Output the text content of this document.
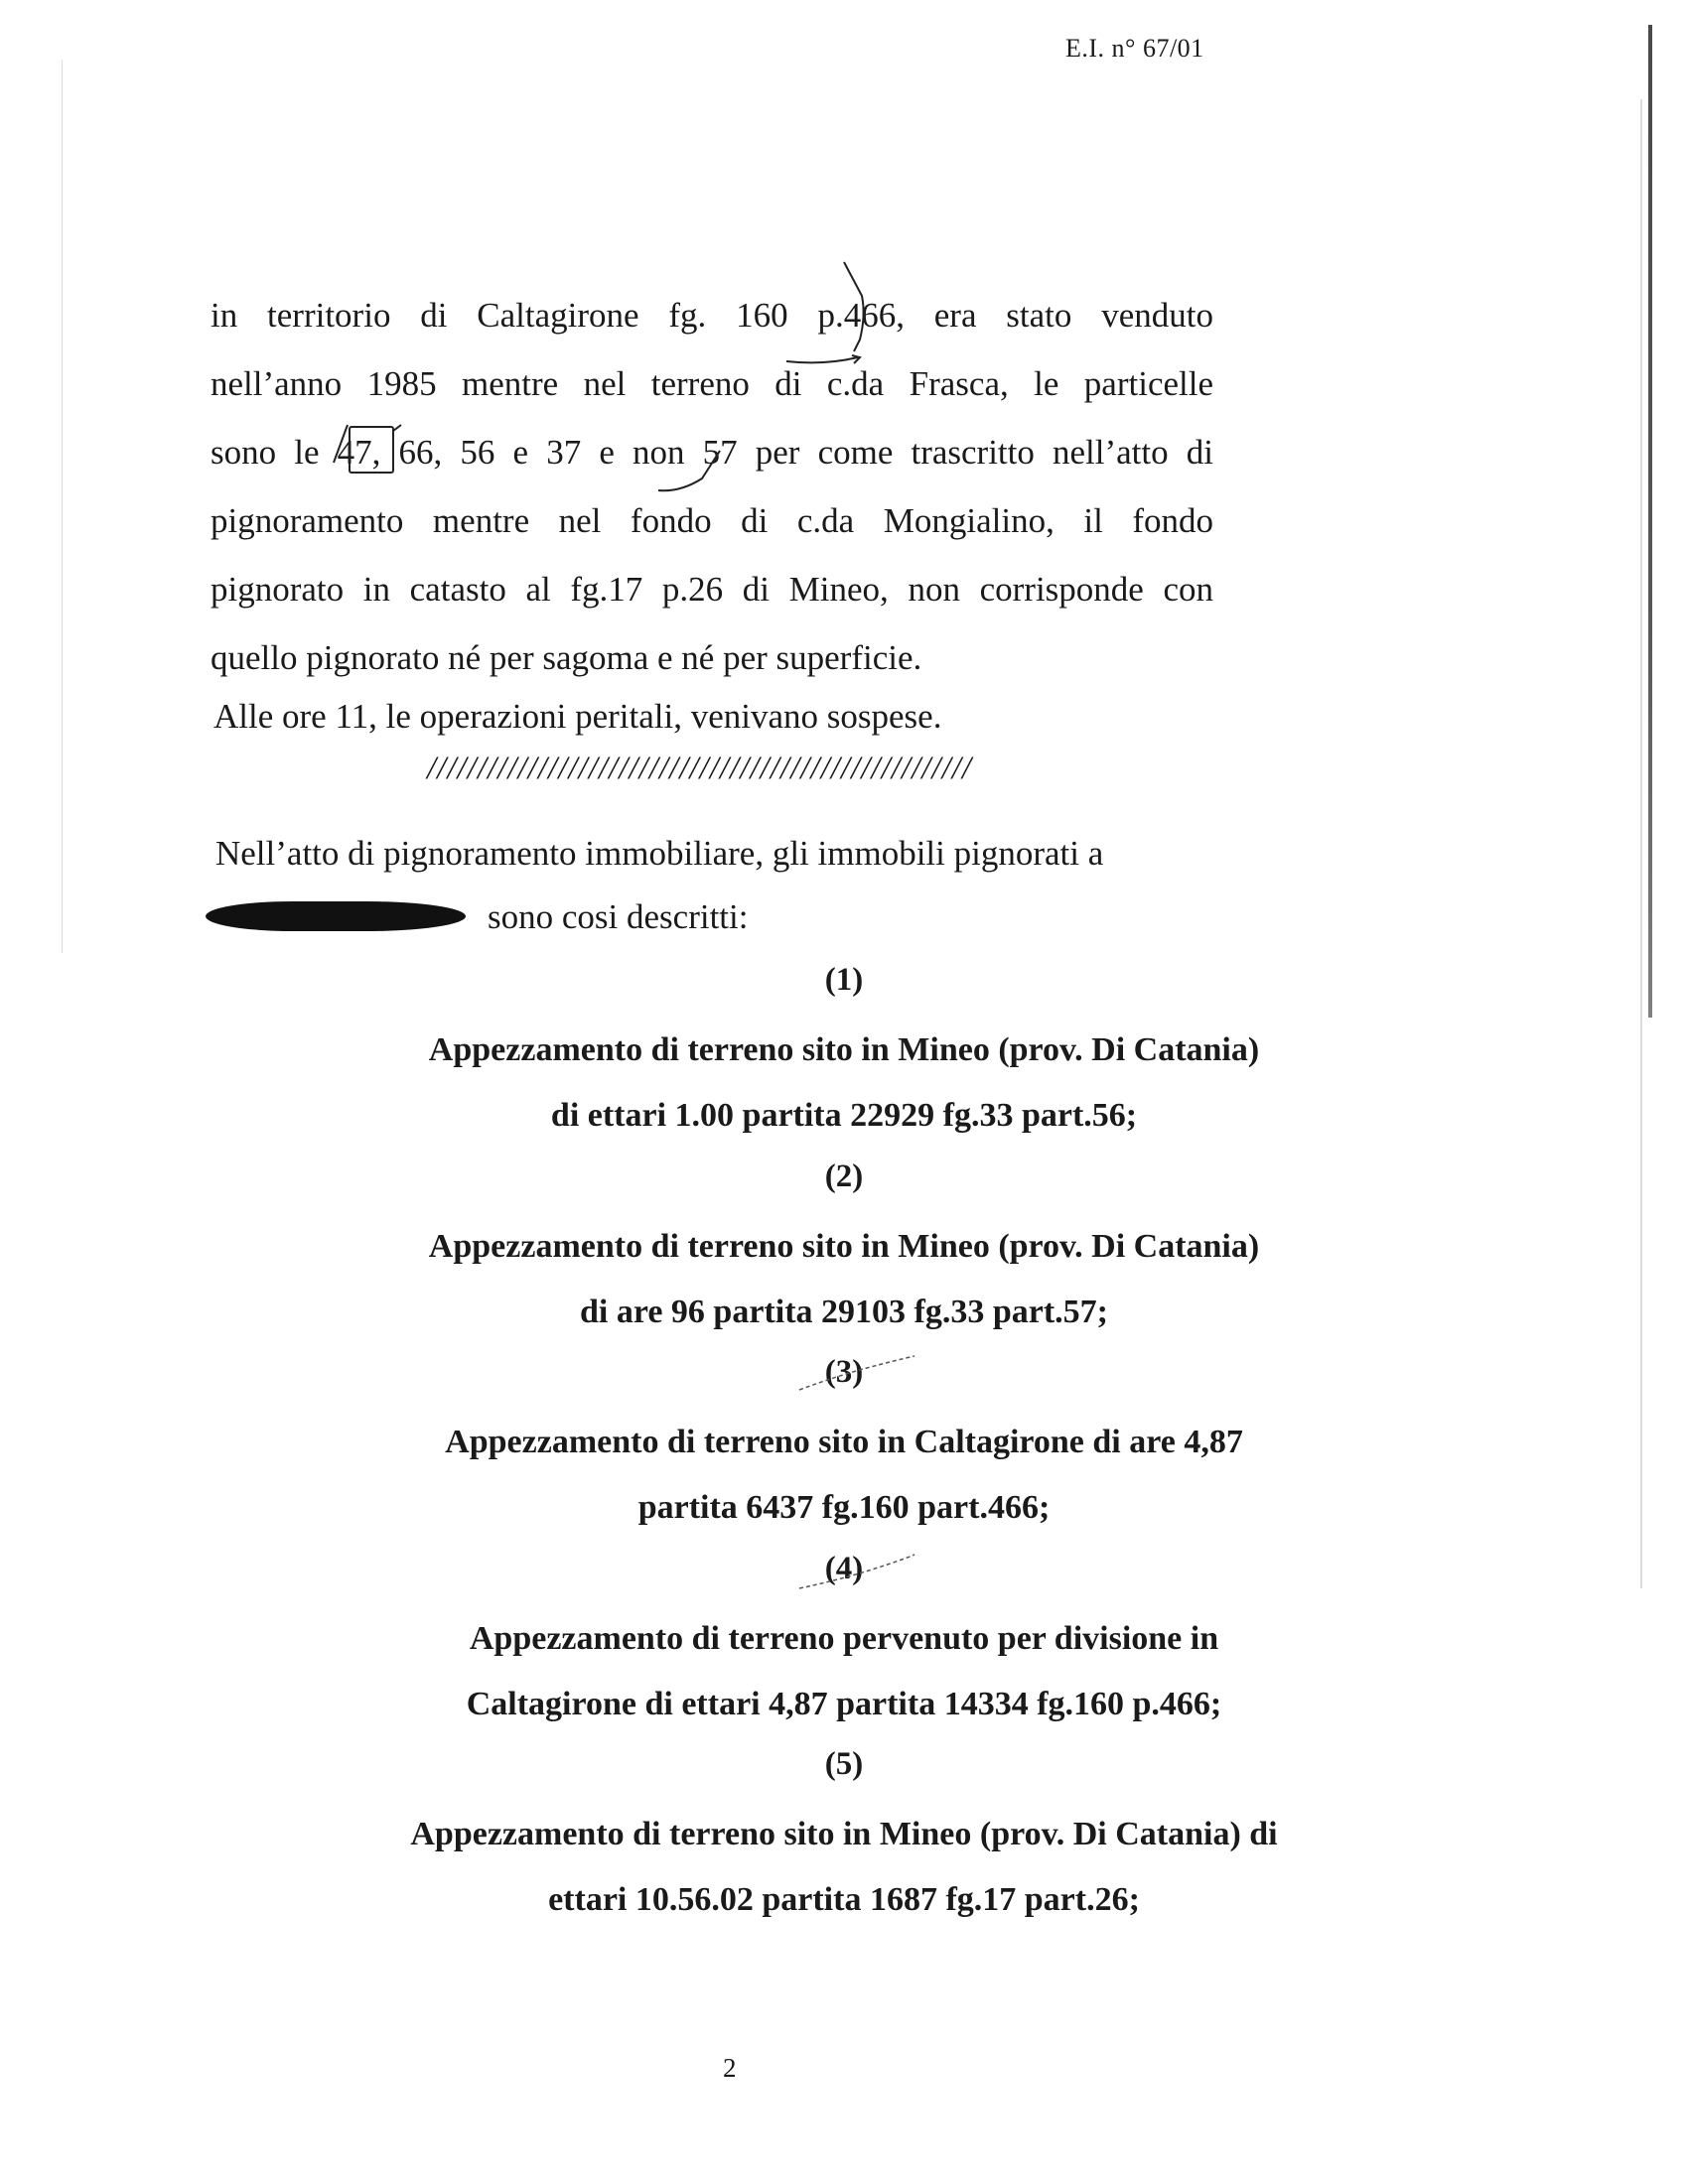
E.I. n° 67/01
in territorio di Caltagirone fg. 160 p.466, era stato venduto
nell’anno 1985 mentre nel terreno di c.da Frasca, le particelle
sono le 47, 66, 56 e 37 e non 57 per come trascritto nell’atto di
pignoramento mentre nel fondo di c.da Mongialino, il fondo
pignorato in catasto al fg.17 p.26 di Mineo, non corrisponde con
quello pignorato né per sagoma e né per superficie.
Alle ore 11, le operazioni peritali, venivano sospese.
//////////////////////////////////////////////////////
Nell’atto di pignoramento immobiliare, gli immobili pignorati a
sono cosi descritti:
(1)
Appezzamento di terreno sito in Mineo (prov. Di Catania)
di ettari 1.00 partita 22929 fg.33 part.56;
(2)
Appezzamento di terreno sito in Mineo (prov. Di Catania)
di are 96 partita 29103 fg.33 part.57;
(3)
Appezzamento di terreno sito in Caltagirone di are 4,87
partita 6437 fg.160 part.466;
(4)
Appezzamento di terreno pervenuto per divisione in
Caltagirone di ettari 4,87 partita 14334 fg.160 p.466;
(5)
Appezzamento di terreno sito in Mineo (prov. Di Catania) di
ettari 10.56.02 partita 1687 fg.17 part.26;
2
